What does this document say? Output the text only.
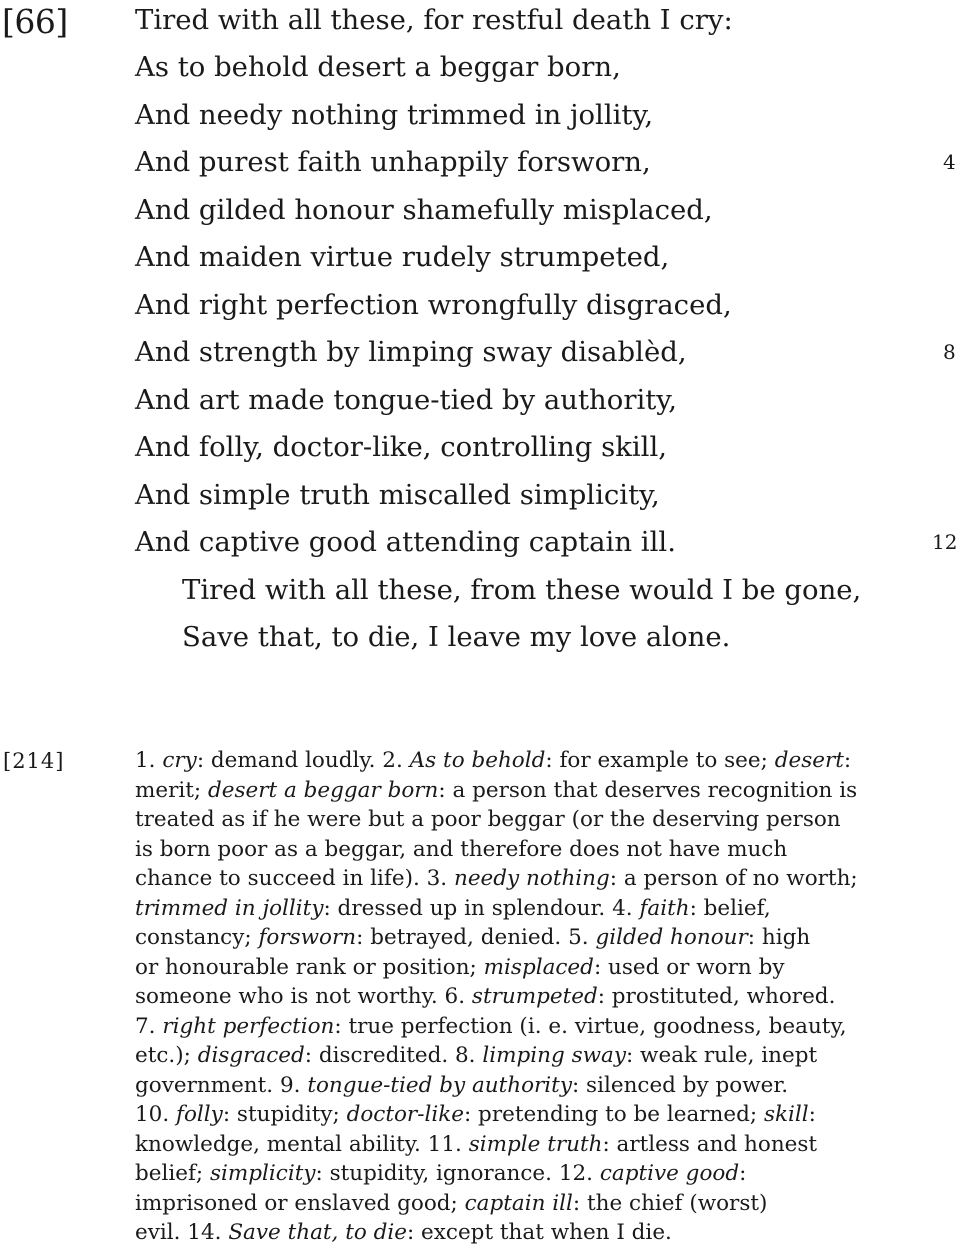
[66] Tired with all these, for restful death I cry:
As to behold desert a beggar born,
And needy nothing trimmed in jollity,
And purest faith unhappily forsworn,
And gilded honour shamefully misplaced,
And maiden virtue rudely strumpeted,
And right perfection wrongfully disgraced,
And strength by limping sway disablèd,
And art made tongue-tied by authority,
And folly, doctor-like, controlling skill,
And simple truth miscalled simplicity,
And captive good attending captain ill.
Tired with all these, from these would I be gone,
Save that, to die, I leave my love alone.
4
8
12
[214]	1. cry: demand loudly. 2. As to behold: for example to see; desert:
merit; desert a beggar born: a person that deserves recognition is
treated as if he were but a poor beggar (or the deserving person
is born poor as a beggar, and therefore does not have much
chance to succeed in life). 3. needy nothing: a person of no worth;
trimmed in jollity: dressed up in splendour. 4. faith: belief,
constancy; forsworn: betrayed, denied. 5. gilded honour: high
or honourable rank or position; misplaced: used or worn by
someone who is not worthy. 6. strumpeted: prostituted, whored.
7. right perfection: true perfection (i. e. virtue, goodness, beauty,
etc.); disgraced: discredited. 8. limping sway: weak rule, inept
government. 9. tongue-tied by authority: silenced by power.
10. folly: stupidity; doctor-like: pretending to be learned; skill:
knowledge, mental ability. 11. simple truth: artless and honest
belief; simplicity: stupidity, ignorance. 12. captive good:
imprisoned or enslaved good; captain ill: the chief (worst)
evil. 14. Save that, to die: except that when I die.
